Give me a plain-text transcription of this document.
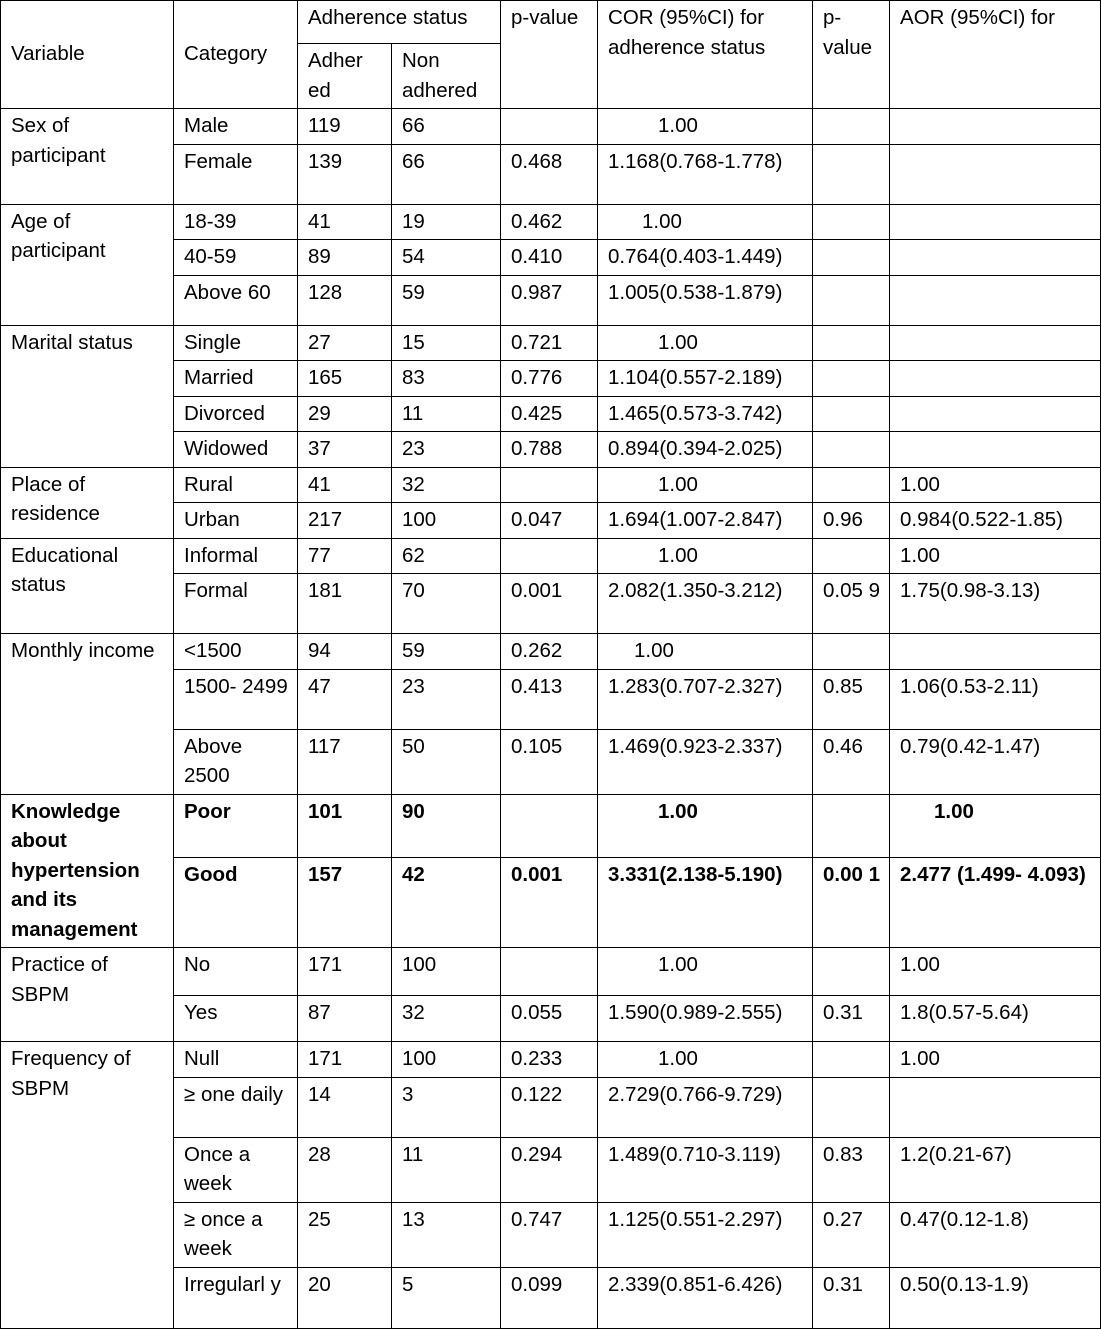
Variable	Category	Adherence status		p-value	COR (95%CI) for adherence status	p-value	AOR (95%CI) for
		Adher ed	Non adhered				
Sex of participant	Male	119	66		1.00		
	Female	139	66	0.468	1.168(0.768-1.778)		
Age of participant	18-39	41	19	0.462	1.00		
	40-59	89	54	0.410	0.764(0.403-1.449)		
	Above 60	128	59	0.987	1.005(0.538-1.879)		
Marital status	Single	27	15	0.721	1.00		
	Married	165	83	0.776	1.104(0.557-2.189)		
	Divorced	29	11	0.425	1.465(0.573-3.742)		
	Widowed	37	23	0.788	0.894(0.394-2.025)		
Place of residence	Rural	41	32		1.00		1.00
	Urban	217	100	0.047	1.694(1.007-2.847)	0.96	0.984(0.522-1.85)
Educational status	Informal	77	62		1.00		1.00
	Formal	181	70	0.001	2.082(1.350-3.212)	0.05 9	1.75(0.98-3.13)
Monthly income	<1500	94	59	0.262	1.00		
	1500- 2499	47	23	0.413	1.283(0.707-2.327)	0.85	1.06(0.53-2.11)
	Above 2500	117	50	0.105	1.469(0.923-2.337)	0.46	0.79(0.42-1.47)
Knowledge about hypertension and its management	Poor	101	90		1.00		1.00
	Good	157	42	0.001	3.331(2.138-5.190)	0.00 1	2.477 (1.499- 4.093)
Practice of SBPM	No	171	100		1.00		1.00
	Yes	87	32	0.055	1.590(0.989-2.555)	0.31	1.8(0.57-5.64)
Frequency of SBPM	Null	171	100	0.233	1.00		1.00
	≥ one daily	14	3	0.122	2.729(0.766-9.729)		
	Once a week	28	11	0.294	1.489(0.710-3.119)	0.83	1.2(0.21-67)
	≥ once a week	25	13	0.747	1.125(0.551-2.297)	0.27	0.47(0.12-1.8)
	Irregularl y	20	5	0.099	2.339(0.851-6.426)	0.31	0.50(0.13-1.9)
